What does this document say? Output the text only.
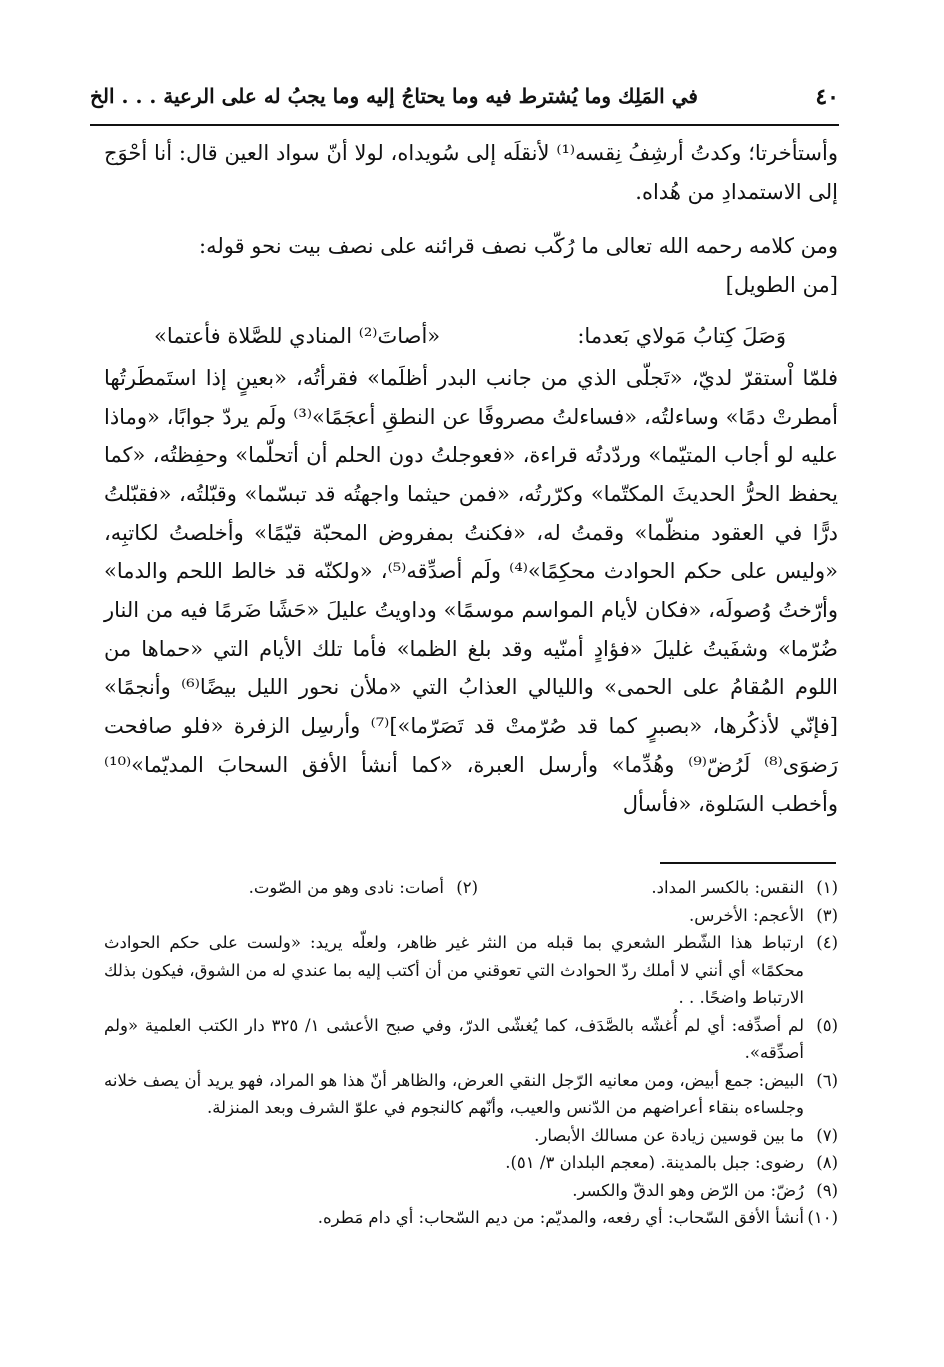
٤٠
في المَلِك وما يُشترط فيه وما يحتاجُ إليه وما يجبُ له على الرعية . . . الخ

وأستأخرتا؛ وكدتُ أرشِفُ نِقسه⁽¹⁾ لأنقلَه إلى سُويداه، لولا أنّ سواد العين قال: أنا أحْوَج إلى الاستمدادِ من هُداه.

ومن كلامه رحمه الله تعالى ما رُكّب نصف قرائنه على نصف بيت نحو قوله:

[من الطويل]

وَصَلَ كِتابُ مَولاي بَعدما:
«أصاتَ⁽²⁾ المنادي للصَّلاة فأعتما»

فلمّا اْستقرّ لديّ، «تَجلّى الذي من جانب البدر أظلَما» فقرأتُه، «بعينٍ إذا استَمطَرتُها أمطرتْ دمًا» وساءلتُه، «فساءلتُ مصروفًا عن النطقِ أعجَمًا»⁽³⁾ ولَم يردّ جوابًا، «وماذا عليه لو أجاب المتيّما» وردّدتُه قراءة، «فعوجلتُ دون الحلم أن أتحلّما» وحفِظتُه، «كما يحفظ الحرُّ الحديثَ المكتّما» وكرّرتُه، «فمن حيثما واجهتُه قد تبسّما» وقبّلتُه، «فقبّلتُ درًّا في العقود منظّما» وقمتُ له، «فكنتُ بمفروض المحبّة قيّمًا» وأخلصتُ لكاتبِه، «وليس على حكم الحوادث محكِمًا»⁽⁴⁾ ولَم أصدِّقه⁽⁵⁾، «ولكنّه قد خالط اللحم والدما» وأرّختُ وُصولَه، «فكان لأيام المواسم موسمًا» وداويتُ عليلَ «حَشًا ضَرمًا فيه من النار ضُرّما» وشفَيتُ غليلَ «فؤادٍ أمنّيه وقد بلغ الظما» فأما تلك الأيام التي «حماها من اللوم المُقامُ على الحمى» والليالي العذابُ التي «ملأن نحور الليل بيضًا⁽⁶⁾ وأنجمًا» [فإنّي لأذكُرها، «بصبرٍ كما قد صُرّمتْ قد تَصَرّما»]⁽⁷⁾ وأرسِل الزفرة «فلو صافحت رَضوَى⁽⁸⁾ لَرُضّ⁽⁹⁾ وهُدِّما» وأرسل العبرة، «كما أنشأ الأفق السحابَ المديّما»⁽¹⁰⁾ وأخطب السَلوة، «فأسأل

(١)
النقس: بالكسر المداد.
(٢)
أصات: نادى وهو من الصّوت.
(٣)
الأعجم: الأخرس.
(٤)
ارتباط هذا الشّطر الشعري بما قبله من النثر غير ظاهر، ولعلّه يريد: «ولست على حكم الحوادث محكمًا» أي أنني لا أملك ردّ الحوادث التي تعوقني من أن أكتب إليه بما عندي له من الشوق، فيكون بذلك الارتباط واضحًا. . .
(٥)
لم أصدِّفه: أي لم أُغشّه بالصَّدَف، كما يُغشّى الدرّ، وفي صبح الأعشى ١/ ٣٢٥ دار الكتب العلمية «ولم أصدِّقه».
(٦)
البيض: جمع أبيض، ومن معانيه الرّجل النقي العرض، والظاهر أنّ هذا هو المراد، فهو يريد أن يصف خلانه وجلساءه بنقاء أعراضهم من الدّنس والعيب، وأنّهم كالنجوم في علوّ الشرف وبعد المنزلة.
(٧)
ما بين قوسين زيادة عن مسالك الأبصار.
(٨)
رضوى: جبل بالمدينة. (معجم البلدان ٣/ ٥١).
(٩)
رُضّ: من الرّض وهو الدقّ والكسر.
(١٠)
أنشأ الأفق السّحاب: أي رفعه، والمديّم: من ديم السّحاب: أي دام مَطره.
